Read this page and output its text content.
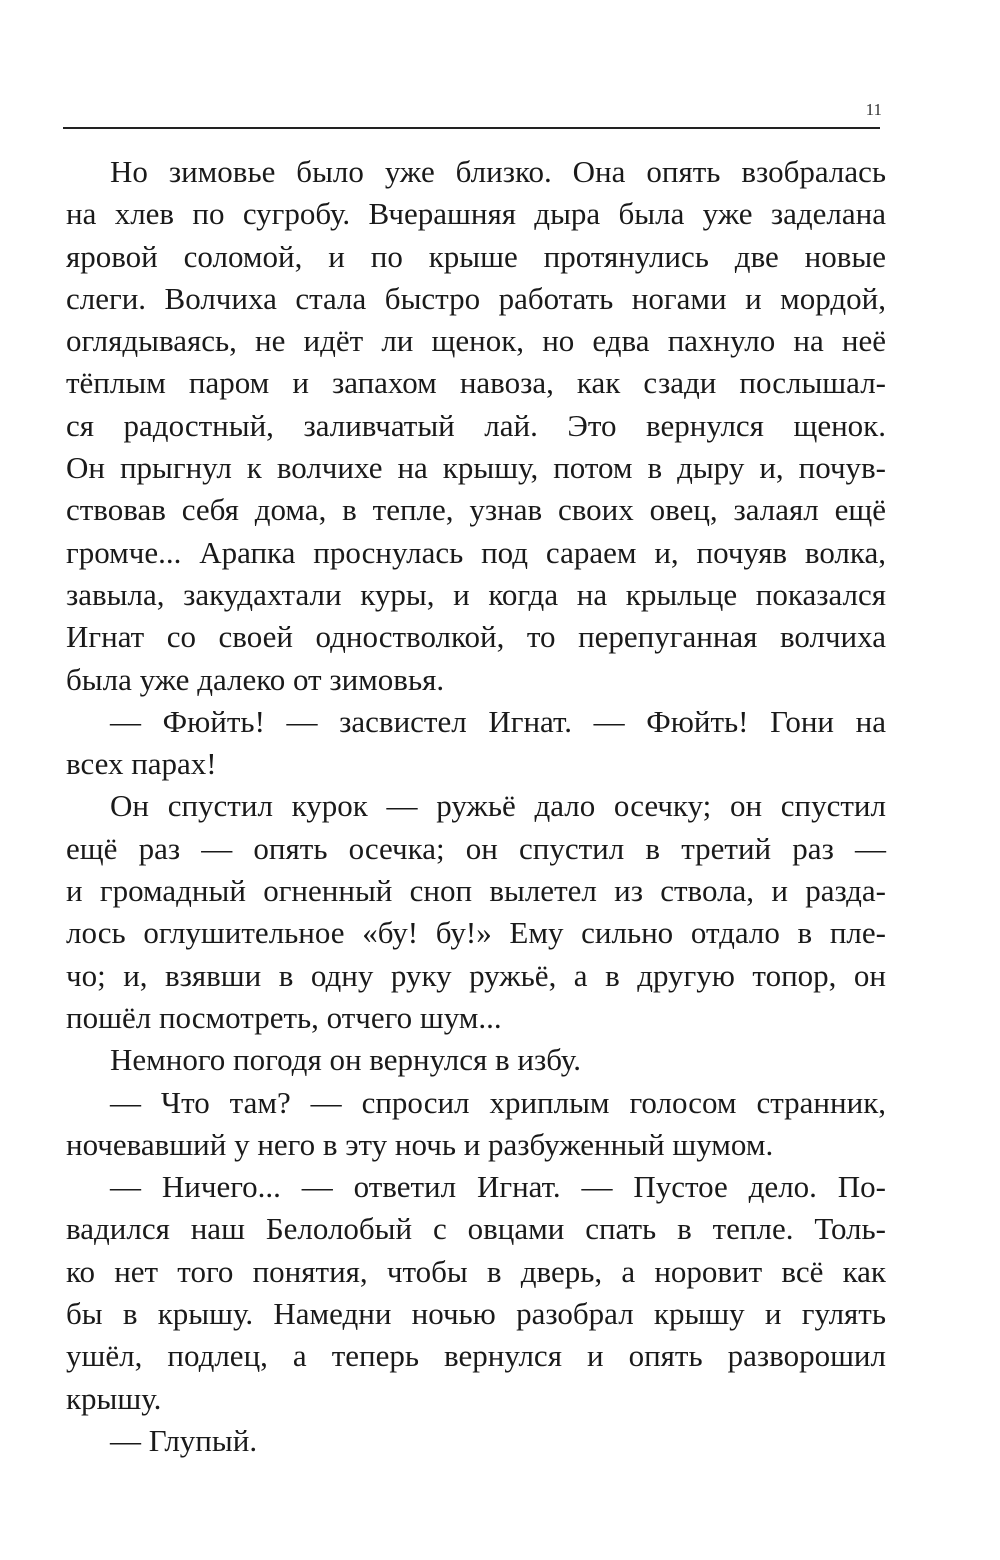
11
Но зимовье было уже близко. Она опять взобралась
на хлев по сугробу. Вчерашняя дыра была уже заделана
яровой соломой, и по крыше протянулись две новые
слеги. Волчиха стала быстро работать ногами и мордой,
оглядываясь, не идёт ли щенок, но едва пахнуло на неё
тёплым паром и запахом навоза, как сзади послышал-
ся радостный, заливчатый лай. Это вернулся щенок.
Он прыгнул к волчихе на крышу, потом в дыру и, почув-
ствовав себя дома, в тепле, узнав своих овец, залаял ещё
громче... Арапка проснулась под сараем и, почуяв волка,
завыла, закудахтали куры, и когда на крыльце показался
Игнат со своей одностволкой, то перепуганная волчиха
была уже далеко от зимовья.
— Фюйть! — засвистел Игнат. — Фюйть! Гони на
всех парах!
Он спустил курок — ружьё дало осечку; он спустил
ещё раз — опять осечка; он спустил в третий раз —
и громадный огненный сноп вылетел из ствола, и разда-
лось оглушительное «бу! бу!» Ему сильно отдало в пле-
чо; и, взявши в одну руку ружьё, а в другую топор, он
пошёл посмотреть, отчего шум...
Немного погодя он вернулся в избу.
— Что там? — спросил хриплым голосом странник,
ночевавший у него в эту ночь и разбуженный шумом.
— Ничего... — ответил Игнат. — Пустое дело. По-
вадился наш Белолобый с овцами спать в тепле. Толь-
ко нет того понятия, чтобы в дверь, а норовит всё как
бы в крышу. Намедни ночью разобрал крышу и гулять
ушёл, подлец, а теперь вернулся и опять разворошил
крышу.
— Глупый.
